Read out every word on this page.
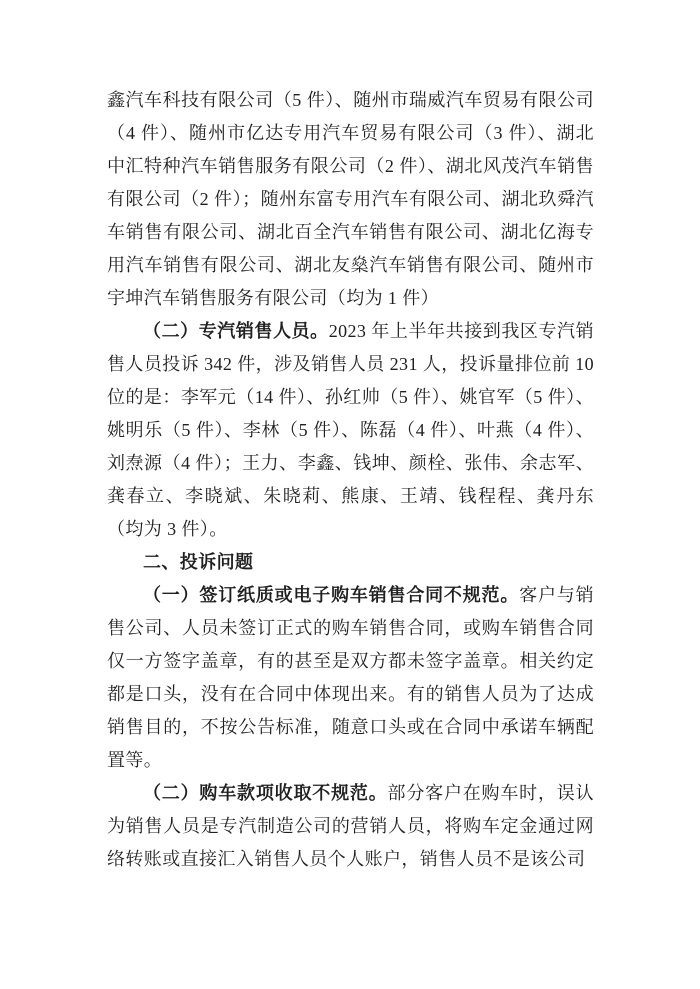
鑫汽车科技有限公司（5 件）、随州市瑞威汽车贸易有限公司（4 件）、随州市亿达专用汽车贸易有限公司（3 件）、湖北中汇特种汽车销售服务有限公司（2 件）、湖北风茂汽车销售有限公司（2 件）；随州东富专用汽车有限公司、湖北玖舜汽车销售有限公司、湖北百全汽车销售有限公司、湖北亿海专用汽车销售有限公司、湖北友燊汽车销售有限公司、随州市宇坤汽车销售服务有限公司（均为 1 件）

（二）专汽销售人员。2023 年上半年共接到我区专汽销售人员投诉 342 件，涉及销售人员 231 人，投诉量排位前 10 位的是：李军元（14 件）、孙红帅（5 件）、姚官军（5 件）、姚明乐（5 件）、李林（5 件）、陈磊（4 件）、叶燕（4 件）、刘焘源（4 件）；王力、李鑫、钱坤、颜栓、张伟、余志军、龚春立、李晓斌、朱晓莉、熊康、王靖、钱程程、龚丹东（均为 3 件）。

二、投诉问题

（一）签订纸质或电子购车销售合同不规范。客户与销售公司、人员未签订正式的购车销售合同，或购车销售合同仅一方签字盖章，有的甚至是双方都未签字盖章。相关约定都是口头，没有在合同中体现出来。有的销售人员为了达成销售目的，不按公告标准，随意口头或在合同中承诺车辆配置等。

（二）购车款项收取不规范。部分客户在购车时，误认为销售人员是专汽制造公司的营销人员，将购车定金通过网络转账或直接汇入销售人员个人账户，销售人员不是该公司
